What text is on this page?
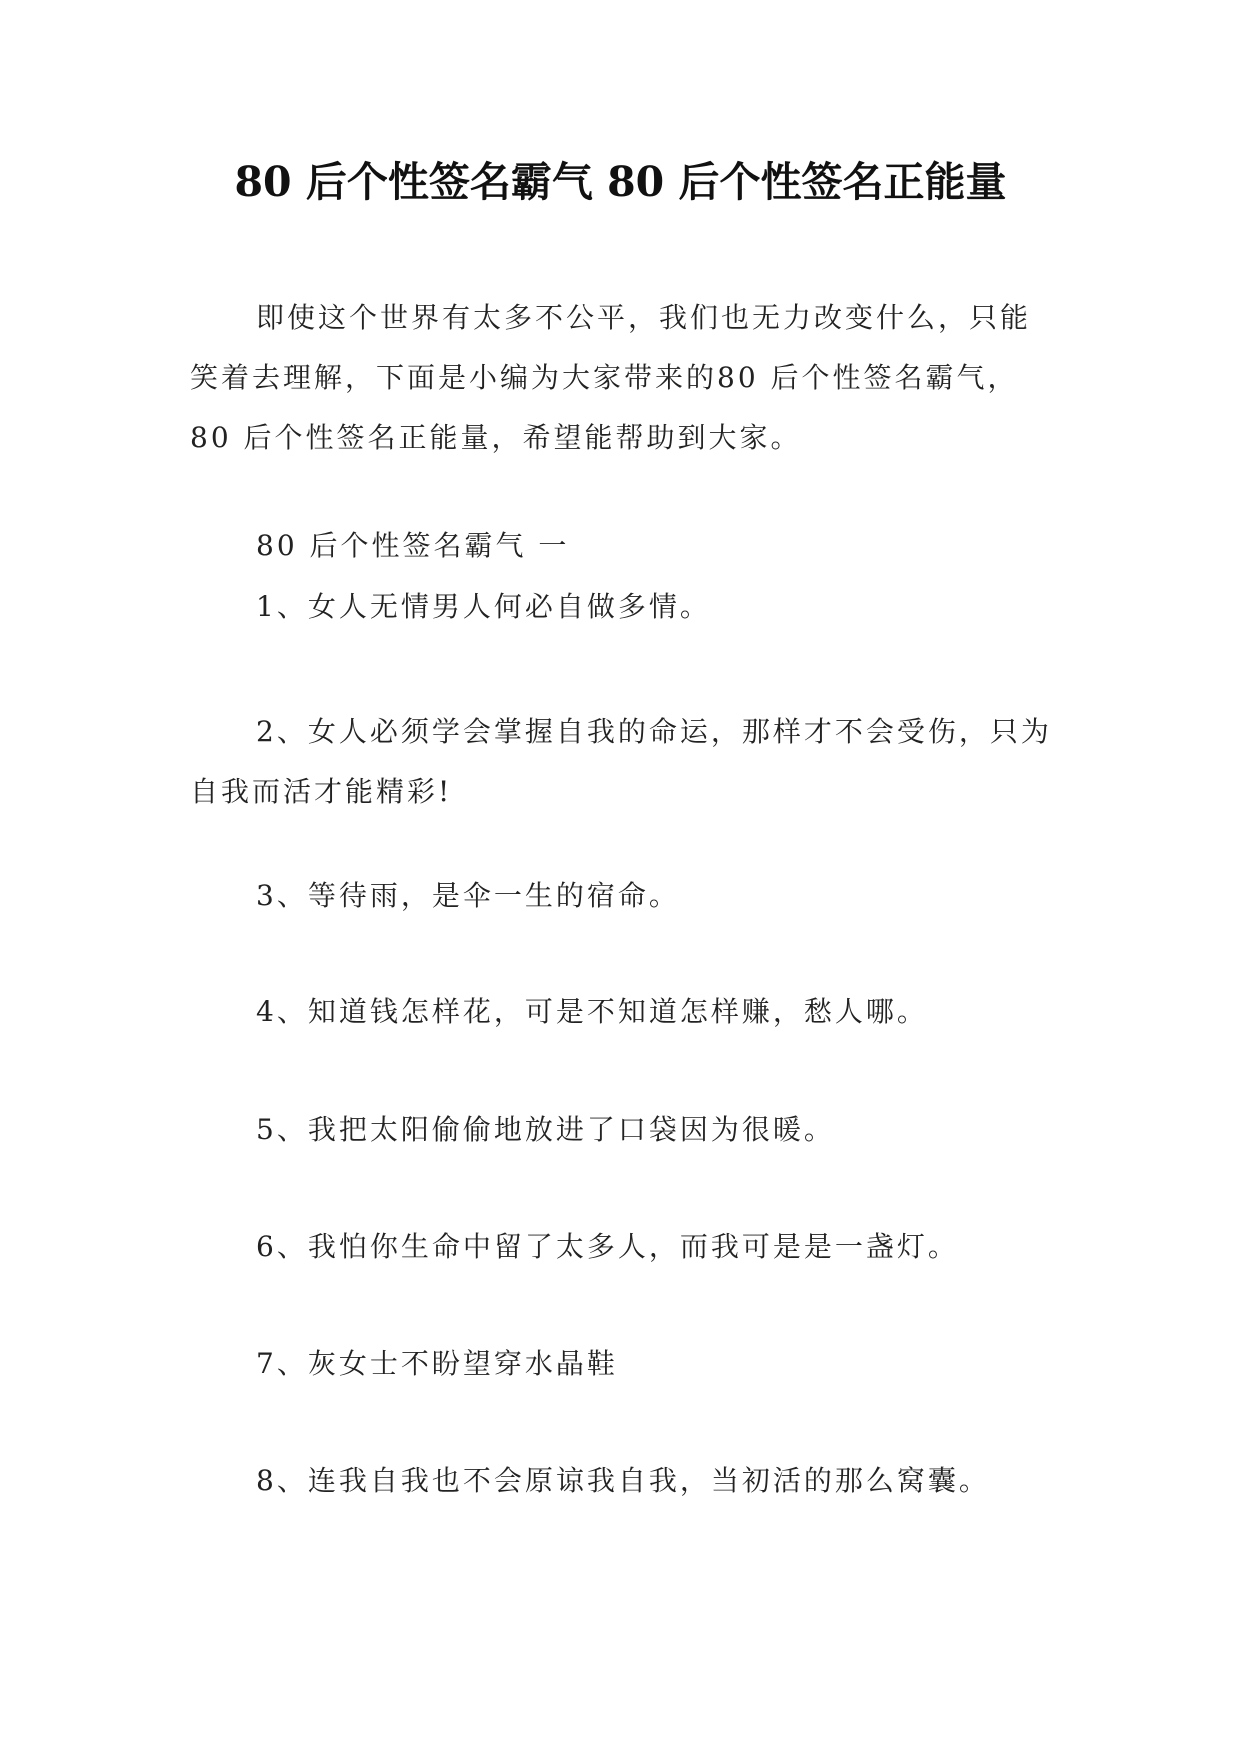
80 后个性签名霸气 80 后个性签名正能量

即使这个世界有太多不公平，我们也无力改变什么，只能笑着去理解，下面是小编为大家带来的80 后个性签名霸气，80 后个性签名正能量，希望能帮助到大家。

80 后个性签名霸气 一

1、女人无情男人何必自做多情。

2、女人必须学会掌握自我的命运，那样才不会受伤，只为自我而活才能精彩!

3、等待雨，是伞一生的宿命。

4、知道钱怎样花，可是不知道怎样赚，愁人哪。

5、我把太阳偷偷地放进了口袋因为很暖。

6、我怕你生命中留了太多人，而我可是是一盏灯。

7、灰女士不盼望穿水晶鞋

8、连我自我也不会原谅我自我，当初活的那么窝囊。
